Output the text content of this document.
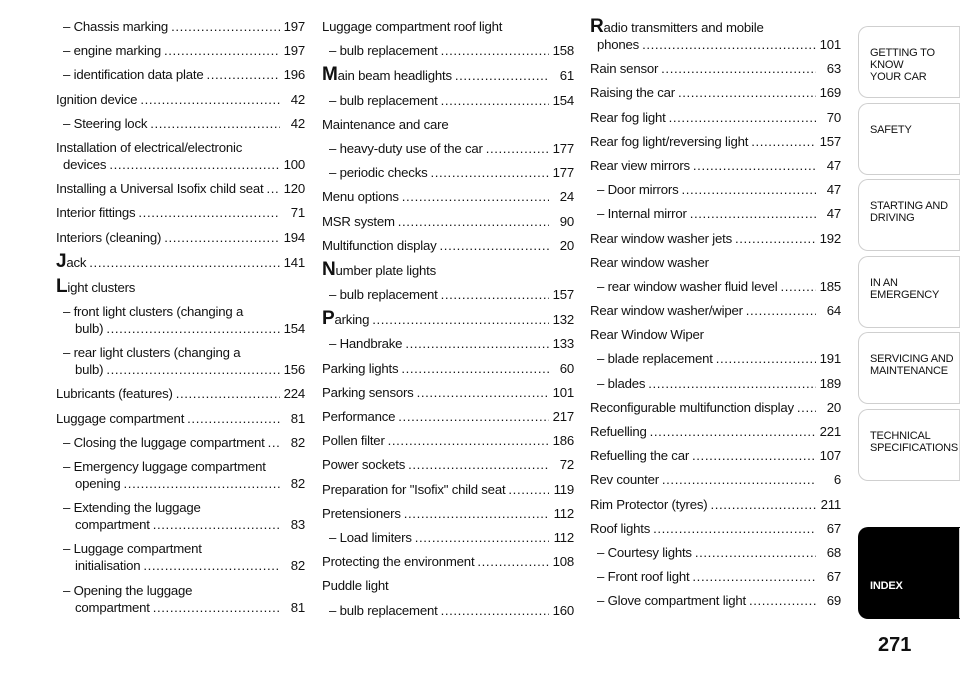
– Chassis marking .....	197
– engine marking .....	197
– identification data plate .....	196
Ignition device .....	42
– Steering lock .....	42
Installation of electrical/electronic
devices .....	100
Installing a Universal Isofix child seat ..... 120
Interior fittings .....	71
Interiors (cleaning) .....	194
Jack .....	141
Light clusters
– front light clusters (changing a
bulb) .....	154
– rear light clusters (changing a
bulb) .....	156
Lubricants (features) .....	224
Luggage compartment .....	81
– Closing the luggage compartment .....	82
– Emergency luggage compartment
opening .....	82
– Extending the luggage
compartment .....	83
– Luggage compartment
initialisation .....	82
– Opening the luggage
compartment .....	81
Luggage compartment roof light
– bulb replacement .....	158
Main beam headlights .....	61
– bulb replacement .....	154
Maintenance and care
– heavy-duty use of the car .....	177
– periodic checks .....	177
Menu options .....	24
MSR system .....	90
Multifunction display .....	20
Number plate lights
– bulb replacement .....	157
Parking .....	132
– Handbrake .....	133
Parking lights .....	60
Parking sensors .....	101
Performance .....	217
Pollen filter .....	186
Power sockets .....	72
Preparation for "Isofix" child seat .....	119
Pretensioners .....	112
– Load limiters .....	112
Protecting the environment .....	108
Puddle light
– bulb replacement .....	160
Radio transmitters and mobile
phones .....	101
Rain sensor .....	63
Raising the car .....	169
Rear fog light .....	70
Rear fog light/reversing light .....	157
Rear view mirrors .....	47
– Door mirrors .....	47
– Internal mirror .....	47
Rear window washer jets .....	192
Rear window washer
– rear window washer fluid level .....	185
Rear window washer/wiper .....	64
Rear Window Wiper
– blade replacement .....	191
– blades .....	189
Reconfigurable multifunction display .....	20
Refuelling .....	221
Refuelling the car .....	107
Rev counter .....	6
Rim Protector (tyres) .....	211
Roof lights .....	67
– Courtesy lights .....	68
– Front roof light .....	67
– Glove compartment light .....	69
GETTING TO KNOW
YOUR CAR
SAFETY
STARTING AND
DRIVING
IN AN EMERGENCY
SERVICING AND
MAINTENANCE
TECHNICAL
SPECIFICATIONS
INDEX
271
